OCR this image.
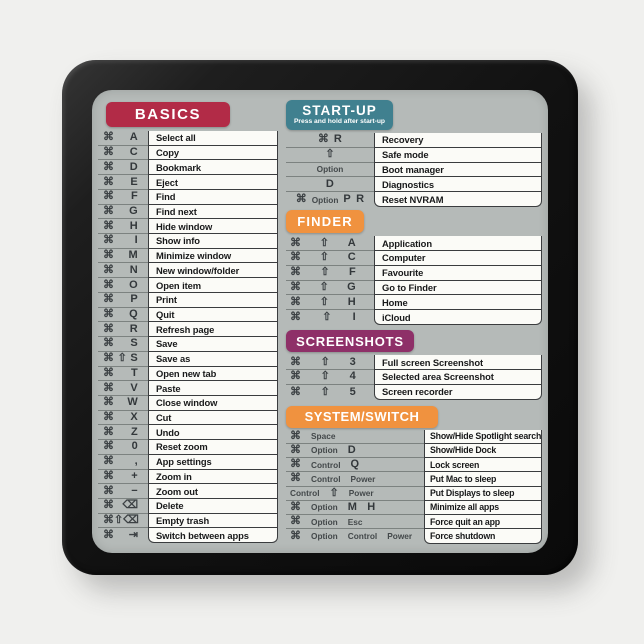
BASICS
⌘ A	Select all
⌘ C	Copy
⌘ D	Bookmark
⌘ E	Eject
⌘ F	Find
⌘ G	Find next
⌘ H	Hide window
⌘ I	Show info
⌘ M	Minimize window
⌘ N	New window/folder
⌘ O	Open item
⌘ P	Print
⌘ Q	Quit
⌘ R	Refresh page
⌘ S	Save
⌘ ⇧ S	Save as
⌘ T	Open new tab
⌘ V	Paste
⌘ W	Close window
⌘ X	Cut
⌘ Z	Undo
⌘ 0	Reset zoom
⌘ ,	App settings
⌘ +	Zoom in
⌘ −	Zoom out
⌘ ⌫	Delete
⌘ ⇧ ⌫	Empty trash
⌘ ⇥	Switch between apps
START-UP
Press and hold after start-up
⌘ R	Recovery
⇧	Safe mode
Option	Boot manager
D	Diagnostics
⌘ Option P R	Reset NVRAM
FINDER
⌘ ⇧ A	Application
⌘ ⇧ C	Computer
⌘ ⇧ F	Favourite
⌘ ⇧ G	Go to Finder
⌘ ⇧ H	Home
⌘ ⇧ I	iCloud
SCREENSHOTS
⌘ ⇧ 3	Full screen Screenshot
⌘ ⇧ 4	Selected area Screenshot
⌘ ⇧ 5	Screen recorder
SYSTEM/SWITCH
⌘ Space	Show/Hide Spotlight search
⌘ Option D	Show/Hide Dock
⌘ Control Q	Lock screen
⌘ Control Power	Put Mac to sleep
Control ⇧ Power	Put Displays to sleep
⌘ Option M H	Minimize all apps
⌘ Option Esc	Force quit an app
⌘ Option Control Power	Force shutdown
